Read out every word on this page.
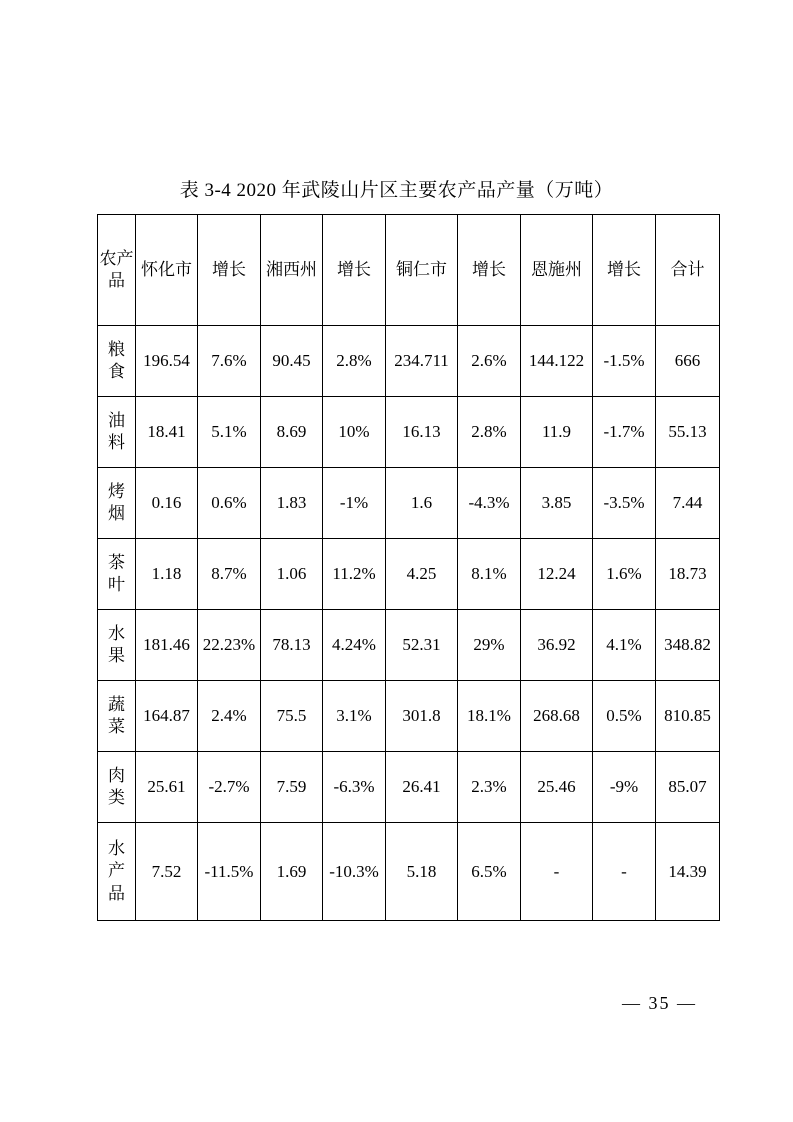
表 3-4 2020 年武陵山片区主要农产品产量（万吨）
农产品	怀化市	增长	湘西州	增长	铜仁市	增长	恩施州	增长	合计
粮食	196.54	7.6%	90.45	2.8%	234.711	2.6%	144.122	-1.5%	666
油料	18.41	5.1%	8.69	10%	16.13	2.8%	11.9	-1.7%	55.13
烤烟	0.16	0.6%	1.83	-1%	1.6	-4.3%	3.85	-3.5%	7.44
茶叶	1.18	8.7%	1.06	11.2%	4.25	8.1%	12.24	1.6%	18.73
水果	181.46	22.23%	78.13	4.24%	52.31	29%	36.92	4.1%	348.82
蔬菜	164.87	2.4%	75.5	3.1%	301.8	18.1%	268.68	0.5%	810.85
肉类	25.61	-2.7%	7.59	-6.3%	26.41	2.3%	25.46	-9%	85.07
水产品	7.52	-11.5%	1.69	-10.3%	5.18	6.5%	-	-	14.39
— 35 —
